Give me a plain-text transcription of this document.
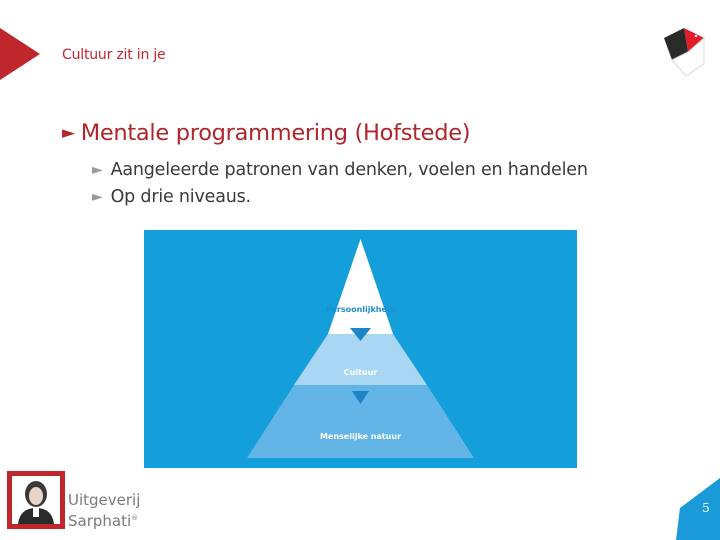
Cultuur zit in je
► Mentale programmering (Hofstede)
► Aangeleerde patronen van denken, voelen en handelen
► Op drie niveaus.
Persoonlijkheid
Cultuur
Menselijke natuur
Uitgeverij
Sarphati®
5
